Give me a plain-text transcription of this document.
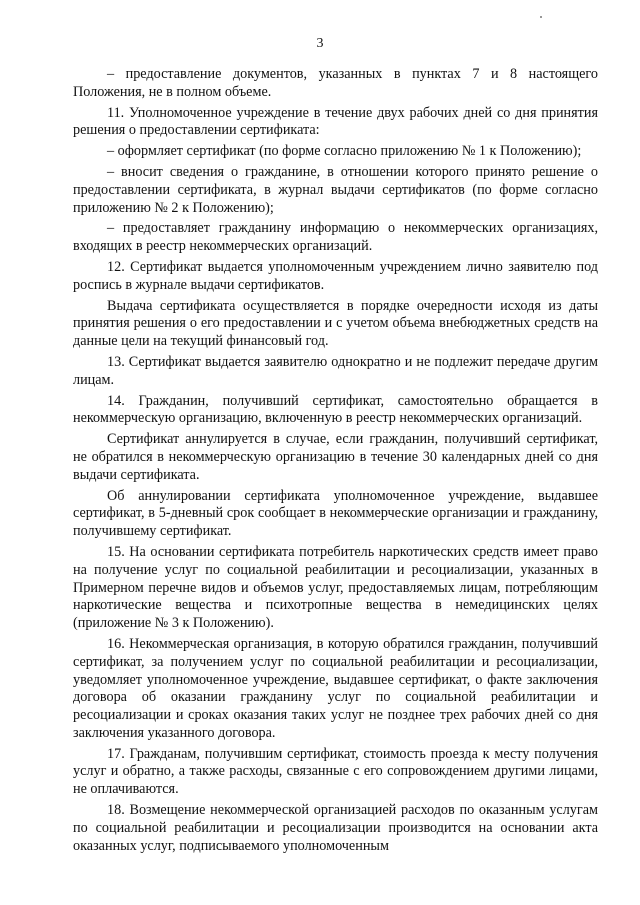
3

– предоставление документов, указанных в пунктах 7 и 8 настоящего Положения, не в полном объеме.

11. Уполномоченное учреждение в течение двух рабочих дней со дня принятия решения о предоставлении сертификата:

– оформляет сертификат (по форме согласно приложению № 1 к Положению);

– вносит сведения о гражданине, в отношении которого принято решение о предоставлении сертификата, в журнал выдачи сертификатов (по форме согласно приложению № 2 к Положению);

– предоставляет гражданину информацию о некоммерческих организациях, входящих в реестр некоммерческих организаций.

12. Сертификат выдается уполномоченным учреждением лично заявителю под роспись в журнале выдачи сертификатов.

Выдача сертификата осуществляется в порядке очередности исходя из даты принятия решения о его предоставлении и с учетом объема внебюджетных средств на данные цели на текущий финансовый год.

13. Сертификат выдается заявителю однократно и не подлежит передаче другим лицам.

14. Гражданин, получивший сертификат, самостоятельно обращается в некоммерческую организацию, включенную в реестр некоммерческих организаций.

Сертификат аннулируется в случае, если гражданин, получивший сертификат, не обратился в некоммерческую организацию в течение 30 календарных дней со дня выдачи сертификата.

Об аннулировании сертификата уполномоченное учреждение, выдавшее сертификат, в 5-дневный срок сообщает в некоммерческие организации и гражданину, получившему сертификат.

15. На основании сертификата потребитель наркотических средств имеет право на получение услуг по социальной реабилитации и ресоциализации, указанных в Примерном перечне видов и объемов услуг, предоставляемых лицам, потребляющим наркотические вещества и психотропные вещества в немедицинских целях (приложение № 3 к Положению).

16. Некоммерческая организация, в которую обратился гражданин, получивший сертификат, за получением услуг по социальной реабилитации и ресоциализации, уведомляет уполномоченное учреждение, выдавшее сертификат, о факте заключения договора об оказании гражданину услуг по социальной реабилитации и ресоциализации и сроках оказания таких услуг не позднее трех рабочих дней со дня заключения указанного договора.

17. Гражданам, получившим сертификат, стоимость проезда к месту получения услуг и обратно, а также расходы, связанные с его сопровождением другими лицами, не оплачиваются.

18. Возмещение некоммерческой организацией расходов по оказанным услугам по социальной реабилитации и ресоциализации производится на основании акта оказанных услуг, подписываемого уполномоченным
